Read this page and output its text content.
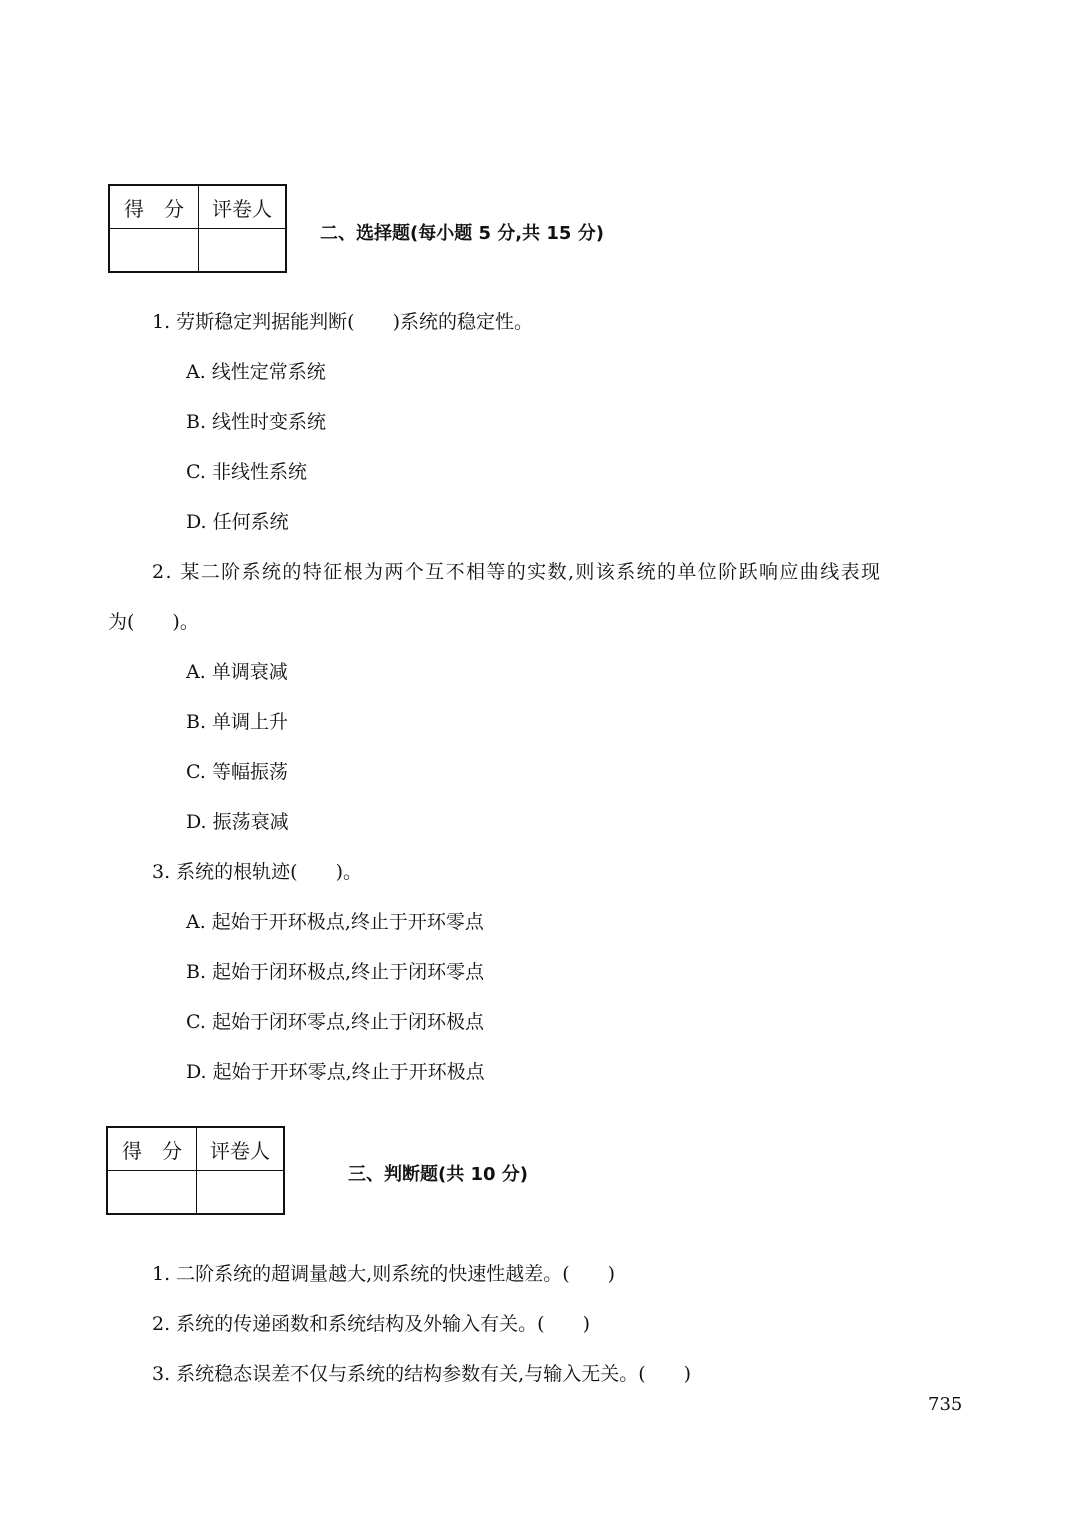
得　分	评卷人

二、选择题(每小题 5 分,共 15 分)
1. 劳斯稳定判据能判断(　　)系统的稳定性。
A. 线性定常系统
B. 线性时变系统
C. 非线性系统
D. 任何系统
2. 某二阶系统的特征根为两个互不相等的实数,则该系统的单位阶跃响应曲线表现
为(　　)。
A. 单调衰减
B. 单调上升
C. 等幅振荡
D. 振荡衰减
3. 系统的根轨迹(　　)。
A. 起始于开环极点,终止于开环零点
B. 起始于闭环极点,终止于闭环零点
C. 起始于闭环零点,终止于闭环极点
D. 起始于开环零点,终止于开环极点
得　分	评卷人

三、判断题(共 10 分)
1. 二阶系统的超调量越大,则系统的快速性越差。(　　)
2. 系统的传递函数和系统结构及外输入有关。(　　)
3. 系统稳态误差不仅与系统的结构参数有关,与输入无关。(　　)
735
